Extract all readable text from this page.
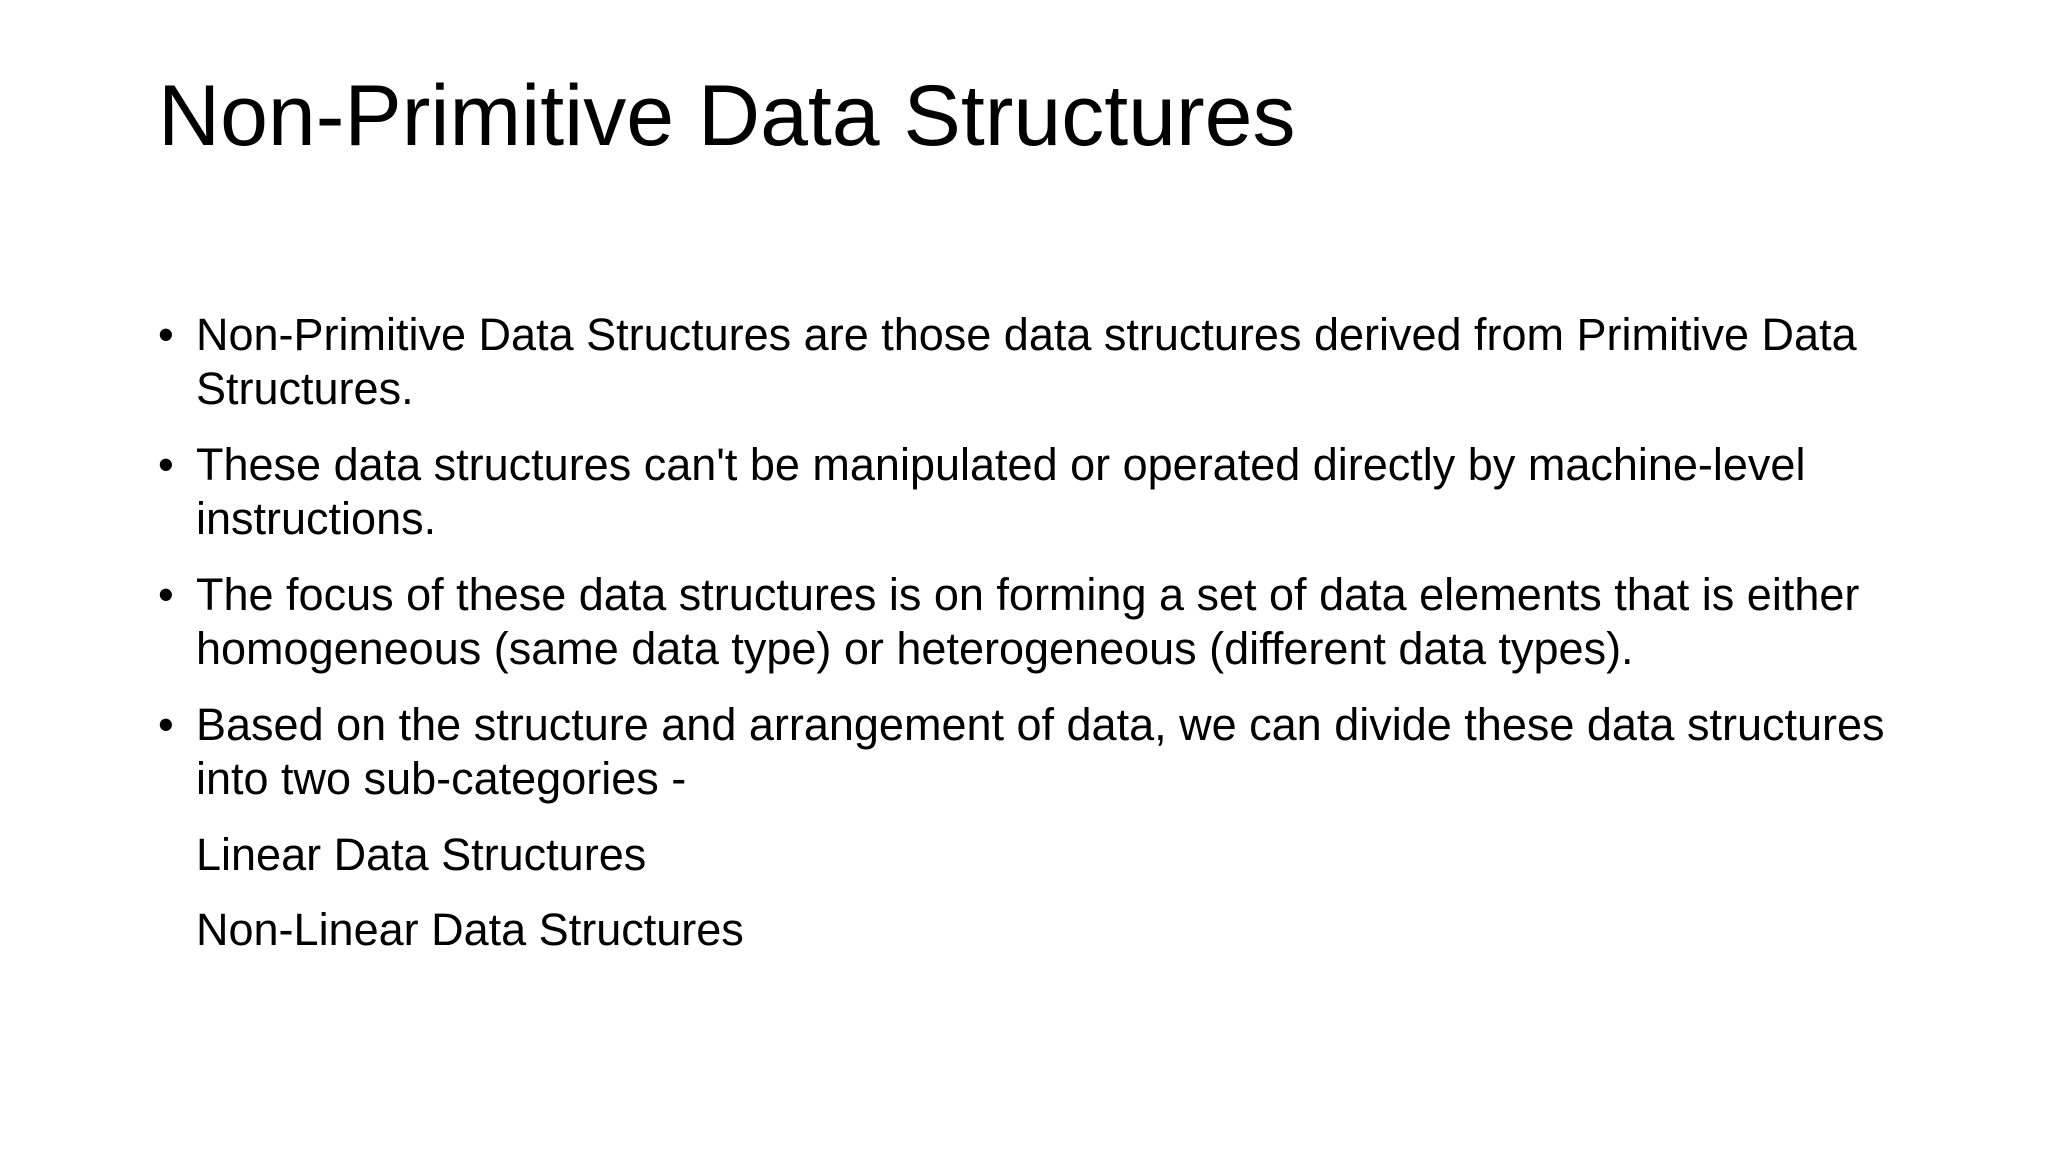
Non-Primitive Data Structures
• Non-Primitive Data Structures are those data structures derived from Primitive Data Structures.
• These data structures can't be manipulated or operated directly by machine-level instructions.
• The focus of these data structures is on forming a set of data elements that is either homogeneous (same data type) or heterogeneous (different data types).
• Based on the structure and arrangement of data, we can divide these data structures into two sub-categories -
Linear Data Structures
Non-Linear Data Structures
